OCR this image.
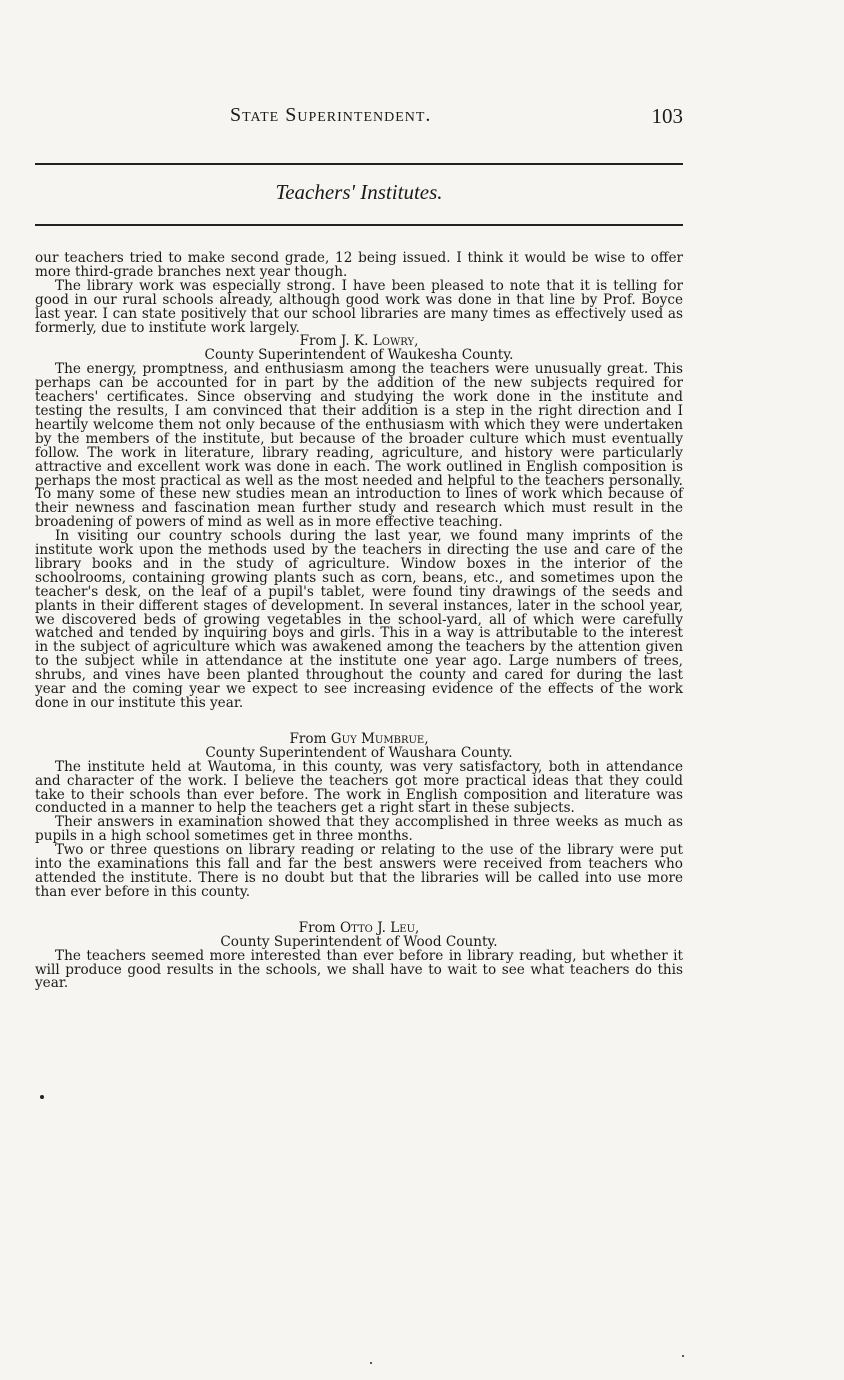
State Superintendent.	103
Teachers' Institutes.

our teachers tried to make second grade, 12 being issued. I think it would be wise to offer more third-grade branches next year though.

The library work was especially strong. I have been pleased to note that it is telling for good in our rural schools already, although good work was done in that line by Prof. Boyce last year. I can state positively that our school libraries are many times as effectively used as formerly, due to institute work largely.

From J. K. Lowry,

County Superintendent of Waukesha County.

The energy, promptness, and enthusiasm among the teachers were unusually great. This perhaps can be accounted for in part by the addition of the new subjects required for teachers' certificates. Since observing and studying the work done in the institute and testing the results, I am convinced that their addition is a step in the right direction and I heartily welcome them not only because of the enthusiasm with which they were undertaken by the members of the institute, but because of the broader culture which must eventually follow. The work in literature, library reading, agriculture, and history were particularly attractive and excellent work was done in each. The work outlined in English composition is perhaps the most practical as well as the most needed and helpful to the teachers personally. To many some of these new studies mean an introduction to lines of work which because of their newness and fascination mean further study and research which must result in the broadening of powers of mind as well as in more effective teaching.

In visiting our country schools during the last year, we found many imprints of the institute work upon the methods used by the teachers in directing the use and care of the library books and in the study of agriculture. Window boxes in the interior of the schoolrooms, containing growing plants such as corn, beans, etc., and sometimes upon the teacher's desk, on the leaf of a pupil's tablet, were found tiny drawings of the seeds and plants in their different stages of development. In several instances, later in the school year, we discovered beds of growing vegetables in the school-yard, all of which were carefully watched and tended by inquiring boys and girls. This in a way is attributable to the interest in the subject of agriculture which was awakened among the teachers by the attention given to the subject while in attendance at the institute one year ago. Large numbers of trees, shrubs, and vines have been planted throughout the county and cared for during the last year and the coming year we expect to see increasing evidence of the effects of the work done in our institute this year.

From Guy Mumbrue,

County Superintendent of Waushara County.

The institute held at Wautoma, in this county, was very satisfactory, both in attendance and character of the work. I believe the teachers got more practical ideas that they could take to their schools than ever before. The work in English composition and literature was conducted in a manner to help the teachers get a right start in these subjects.

Their answers in examination showed that they accomplished in three weeks as much as pupils in a high school sometimes get in three months.

Two or three questions on library reading or relating to the use of the library were put into the examinations this fall and far the best answers were received from teachers who attended the institute. There is no doubt but that the libraries will be called into use more than ever before in this county.

From Otto J. Leu,

County Superintendent of Wood County.

The teachers seemed more interested than ever before in library reading, but whether it will produce good results in the schools, we shall have to wait to see what teachers do this year.
